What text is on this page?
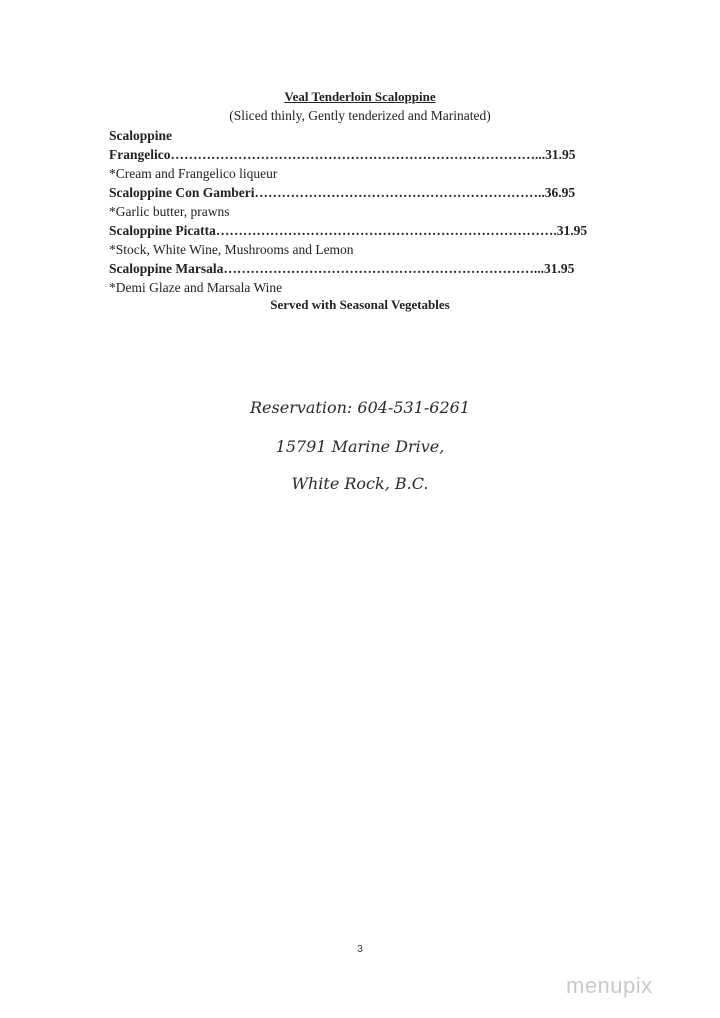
Veal Tenderloin Scaloppine
(Sliced thinly, Gently tenderized and Marinated)
Scaloppine
Frangelico………………………………………………………………………...31.95
*Cream and Frangelico liqueur
Scaloppine Con Gamberi………………………………………………………..36.95
*Garlic butter, prawns
Scaloppine Picatta………………………………………………………………….31.95
*Stock, White Wine, Mushrooms and Lemon
Scaloppine Marsala……………………………………………………………...31.95
*Demi Glaze and Marsala Wine
Served with Seasonal Vegetables
Reservation: 604-531-6261
15791 Marine Drive,
White Rock, B.C.
3
menupix
